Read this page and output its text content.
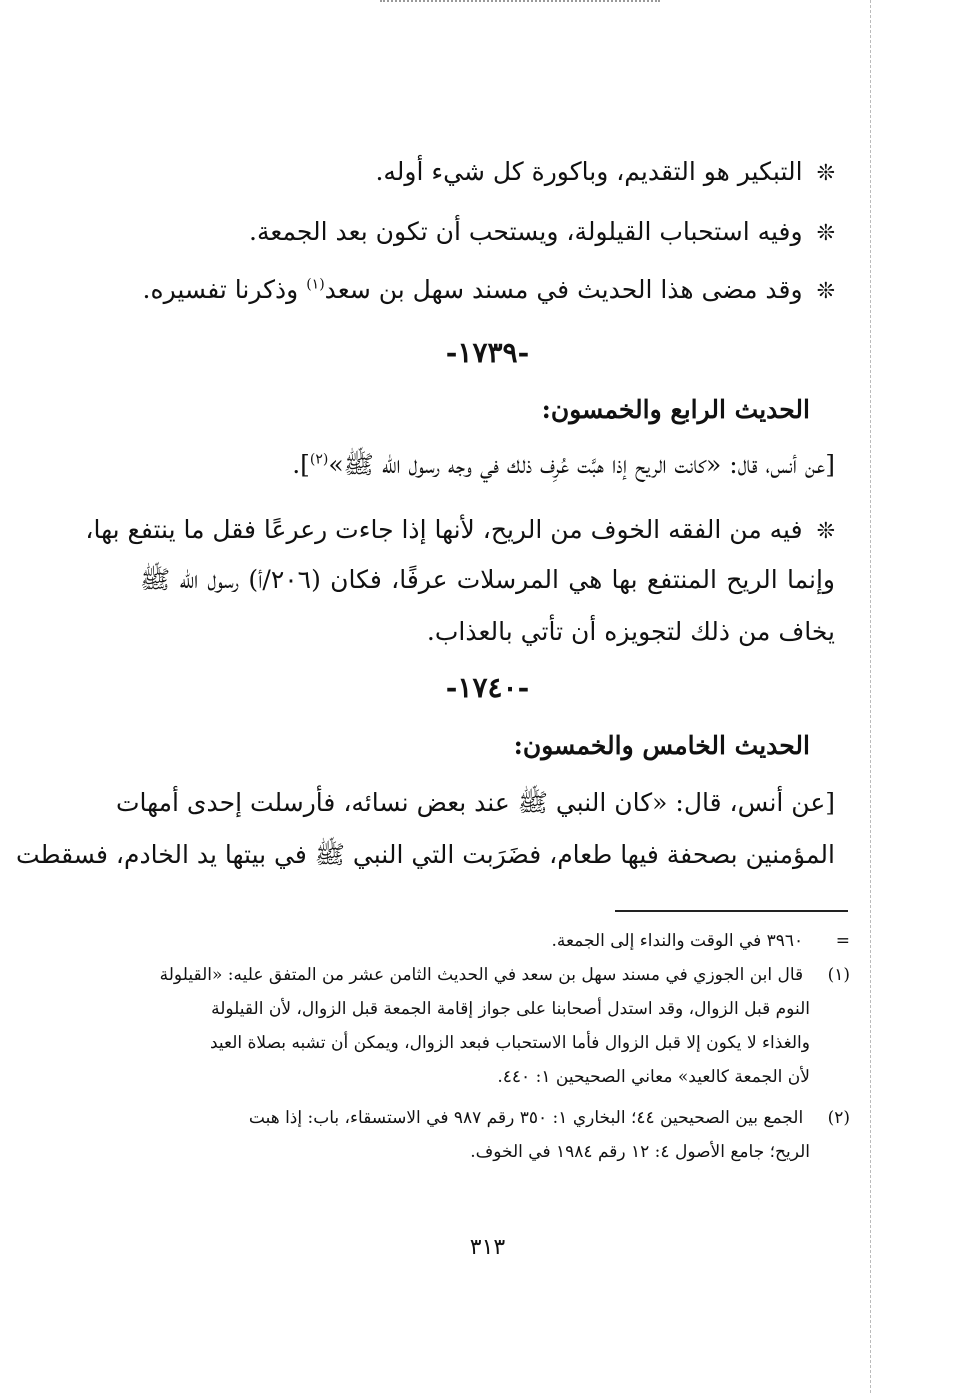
❊التبكير هو التقديم، وباكورة كل شيء أوله.
❊وفيه استحباب القيلولة، ويستحب أن تكون بعد الجمعة.
❊وقد مضى هذا الحديث في مسند سهل بن سعد$^{(١)}$ وذكرنا تفسيره.
-١٧٣٩-
الحديث الرابع والخمسون:
[عن أنس، قال: «كانت الريح إذا هبَّت عُرِف ذلك في وجه رسول الله ﷺ»$^{(٢)}$].
❊فيه من الفقه الخوف من الريح، لأنها إذا جاءت رعرعًا فقل ما ينتفع بها،
وإنما الريح المنتفع بها هي المرسلات عرفًا، فكان (٢٠٦/أ) رسول الله ﷺ
يخاف من ذلك لتجويزه أن تأتي بالعذاب.
-١٧٤٠-
الحديث الخامس والخمسون:
[عن أنس، قال: «كان النبي ﷺ عند بعض نسائه، فأرسلت إحدى أمهات
المؤمنين بصحفة فيها طعام، فضَرَبت التي النبي ﷺ في بيتها يد الخادم، فسقطت
=  ٣٩٦٠ في الوقت والنداء إلى الجمعة.
(١)  قال ابن الجوزي في مسند سهل بن سعد في الحديث الثامن عشر من المتفق عليه: «القيلولة
النوم قبل الزوال، وقد استدل أصحابنا على جواز إقامة الجمعة قبل الزوال، لأن القيلولة
والغذاء لا يكون إلا قبل الزوال فأما الاستحباب فبعد الزوال، ويمكن أن تشبه بصلاة العيد
لأن الجمعة كالعيد» معاني الصحيحين ١: ٤٤٠.
(٢)  الجمع بين الصحيحين ٤٤؛ البخاري ١: ٣٥٠ رقم ٩٨٧ في الاستسقاء، باب: إذا هبت
الريح؛ جامع الأصول ٤: ١٢ رقم ١٩٨٤ في الخوف.
٣١٣
